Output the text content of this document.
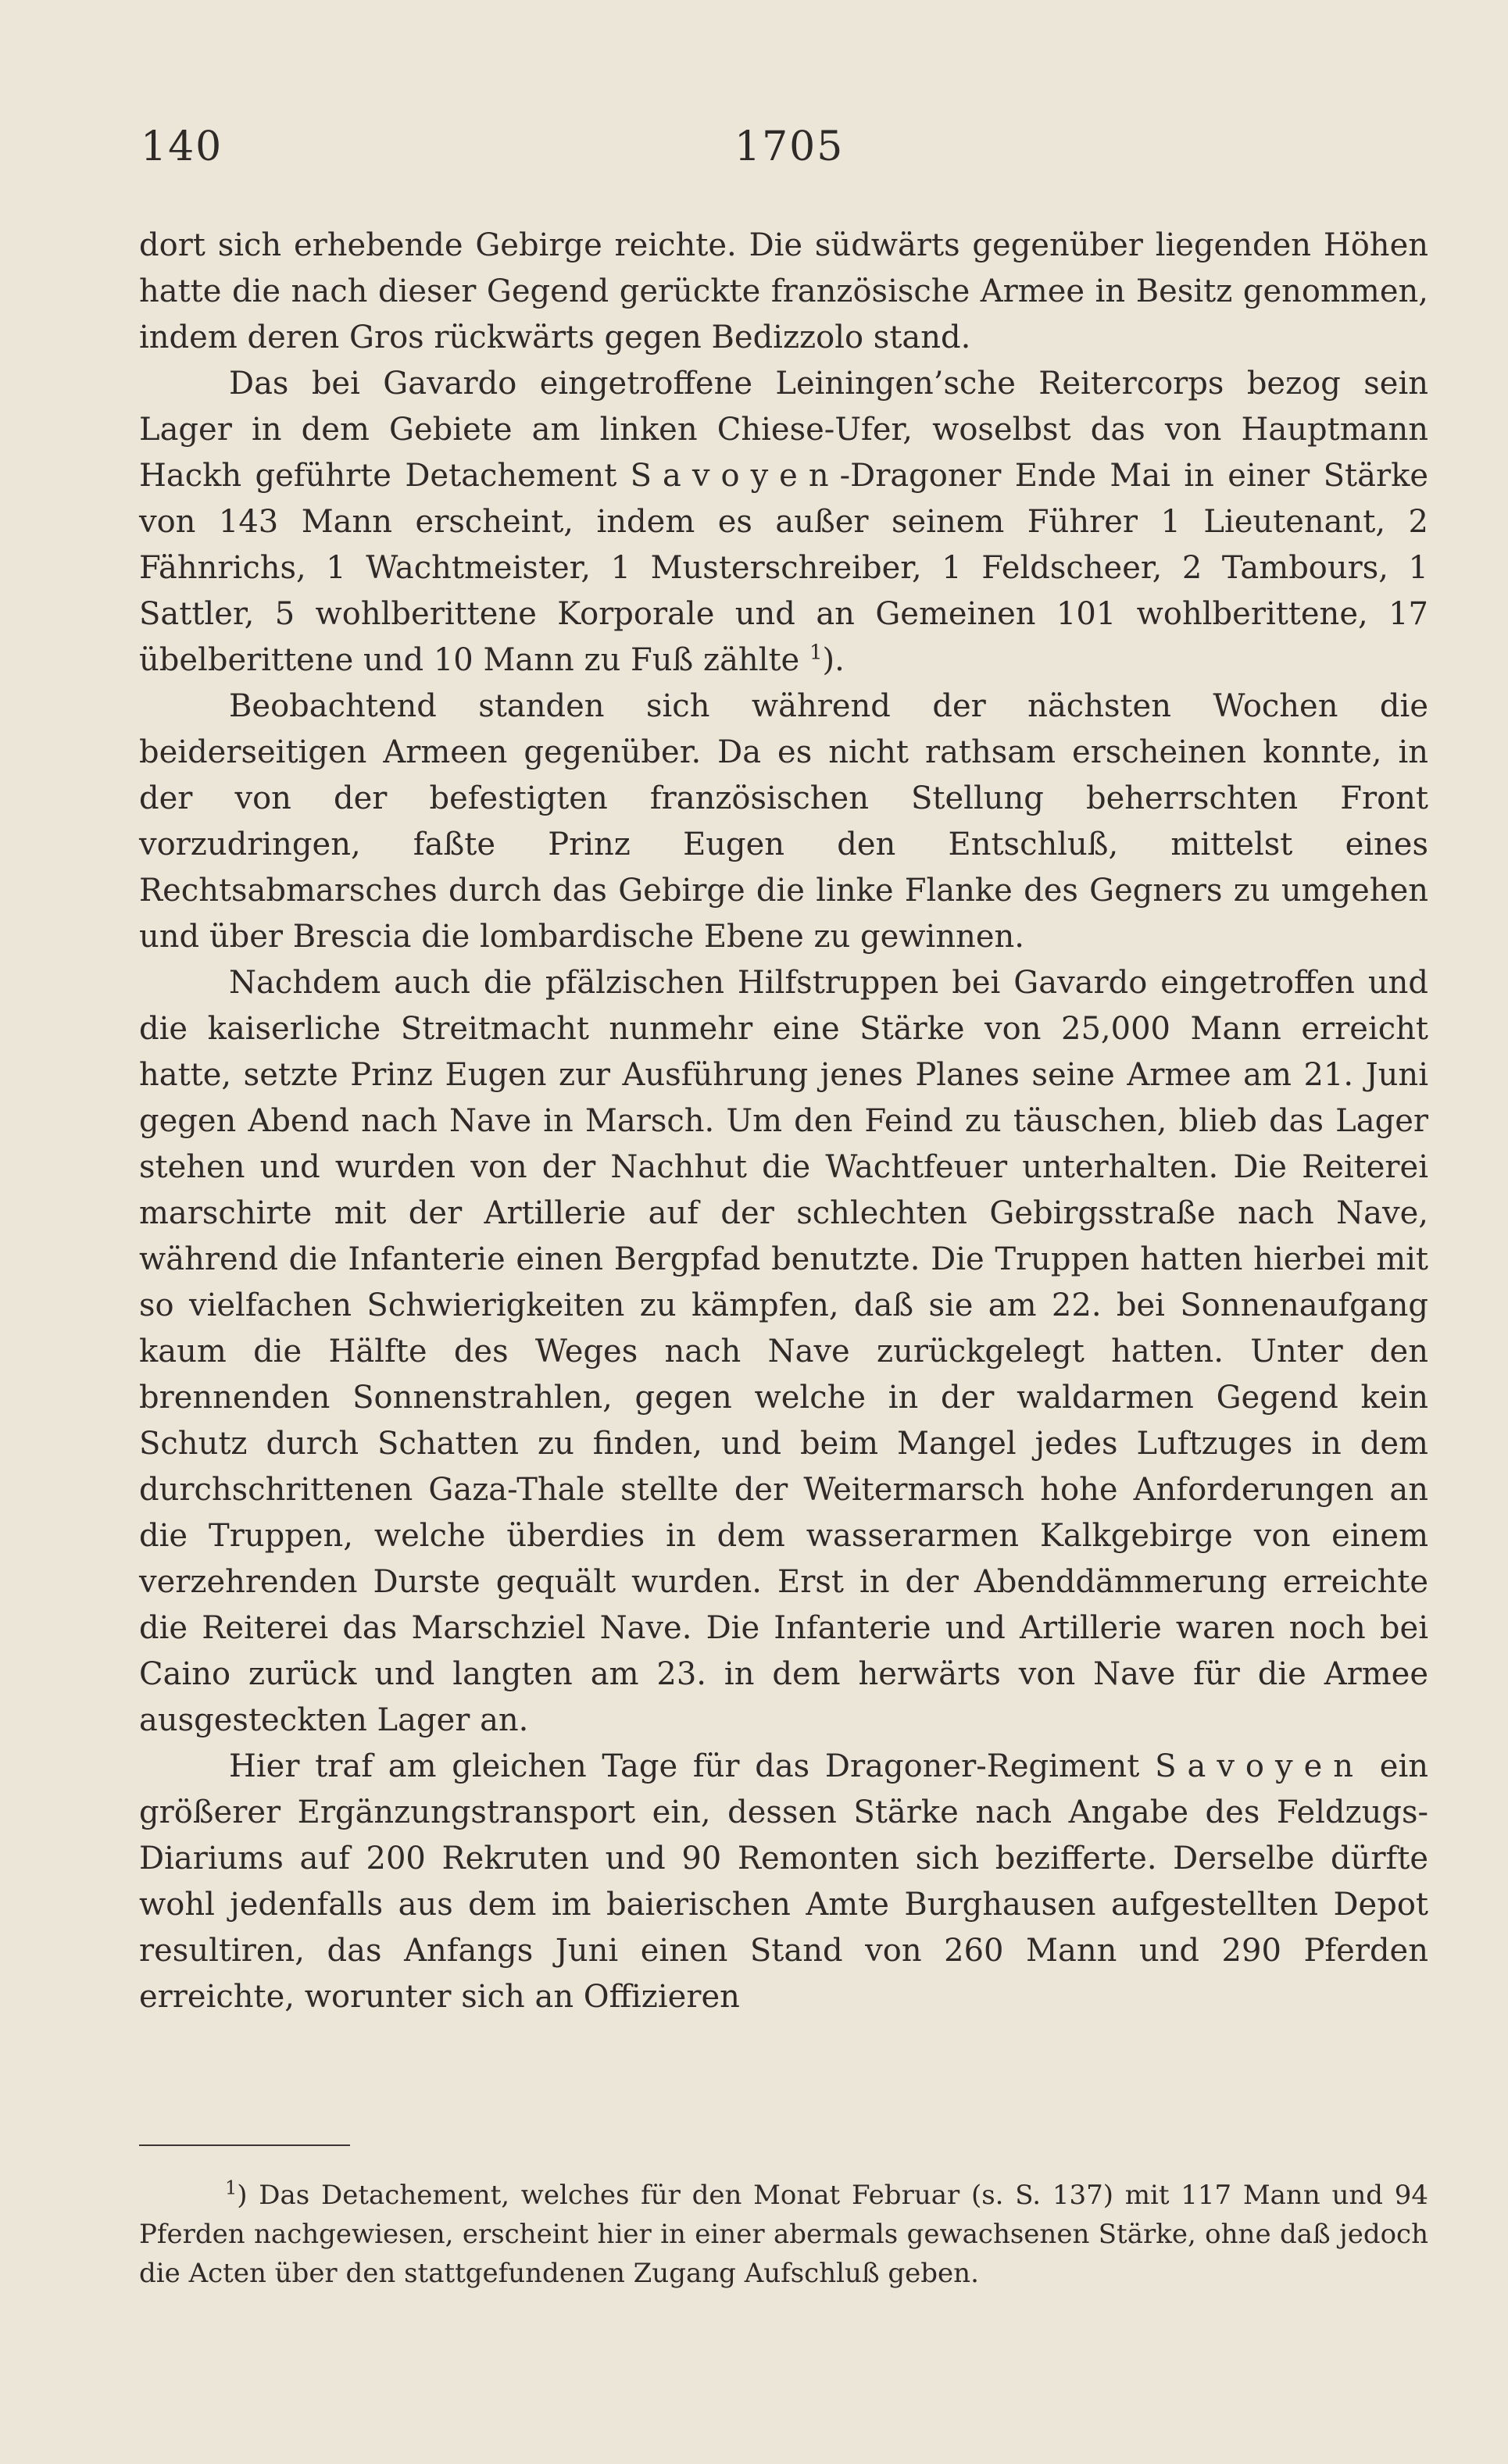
140	1705

dort sich erhebende Gebirge reichte. Die südwärts gegenüber liegenden Höhen hatte die nach dieser Gegend gerückte französische Armee in Besitz genommen, indem deren Gros rückwärts gegen Bedizzolo stand.

Das bei Gavardo eingetroffene Leiningen’sche Reitercorps bezog sein Lager in dem Gebiete am linken Chiese-Ufer, woselbst das von Hauptmann Hackh geführte Detachement Savoyen-Dragoner Ende Mai in einer Stärke von 143 Mann erscheint, indem es außer seinem Führer 1 Lieutenant, 2 Fähnrichs, 1 Wachtmeister, 1 Musterschreiber, 1 Feldscheer, 2 Tambours, 1 Sattler, 5 wohlberittene Korporale und an Gemeinen 101 wohlberittene, 17 übelberittene und 10 Mann zu Fuß zählte $^1$).

Beobachtend standen sich während der nächsten Wochen die beiderseitigen Armeen gegenüber. Da es nicht rathsam erscheinen konnte, in der von der befestigten französischen Stellung beherrschten Front vorzudringen, faßte Prinz Eugen den Entschluß, mittelst eines Rechtsabmarsches durch das Gebirge die linke Flanke des Gegners zu umgehen und über Brescia die lombardische Ebene zu gewinnen.

Nachdem auch die pfälzischen Hilfstruppen bei Gavardo eingetroffen und die kaiserliche Streitmacht nunmehr eine Stärke von 25,000 Mann erreicht hatte, setzte Prinz Eugen zur Ausführung jenes Planes seine Armee am 21. Juni gegen Abend nach Nave in Marsch. Um den Feind zu täuschen, blieb das Lager stehen und wurden von der Nachhut die Wachtfeuer unterhalten. Die Reiterei marschirte mit der Artillerie auf der schlechten Gebirgsstraße nach Nave, während die Infanterie einen Bergpfad benutzte. Die Truppen hatten hierbei mit so vielfachen Schwierigkeiten zu kämpfen, daß sie am 22. bei Sonnenaufgang kaum die Hälfte des Weges nach Nave zurückgelegt hatten. Unter den brennenden Sonnenstrahlen, gegen welche in der waldarmen Gegend kein Schutz durch Schatten zu finden, und beim Mangel jedes Luftzuges in dem durchschrittenen Gaza-Thale stellte der Weitermarsch hohe Anforderungen an die Truppen, welche überdies in dem wasserarmen Kalkgebirge von einem verzehrenden Durste gequält wurden. Erst in der Abenddämmerung erreichte die Reiterei das Marschziel Nave. Die Infanterie und Artillerie waren noch bei Caino zurück und langten am 23. in dem herwärts von Nave für die Armee ausgesteckten Lager an.

Hier traf am gleichen Tage für das Dragoner-Regiment Savoyen ein größerer Ergänzungstransport ein, dessen Stärke nach Angabe des Feldzugs-Diariums auf 200 Rekruten und 90 Remonten sich bezifferte. Derselbe dürfte wohl jedenfalls aus dem im baierischen Amte Burghausen aufgestellten Depot resultiren, das Anfangs Juni einen Stand von 260 Mann und 290 Pferden erreichte, worunter sich an Offizieren

$^1$) Das Detachement, welches für den Monat Februar (s. S. 137) mit 117 Mann und 94 Pferden nachgewiesen, erscheint hier in einer abermals gewachsenen Stärke, ohne daß jedoch die Acten über den stattgefundenen Zugang Aufschluß geben.
